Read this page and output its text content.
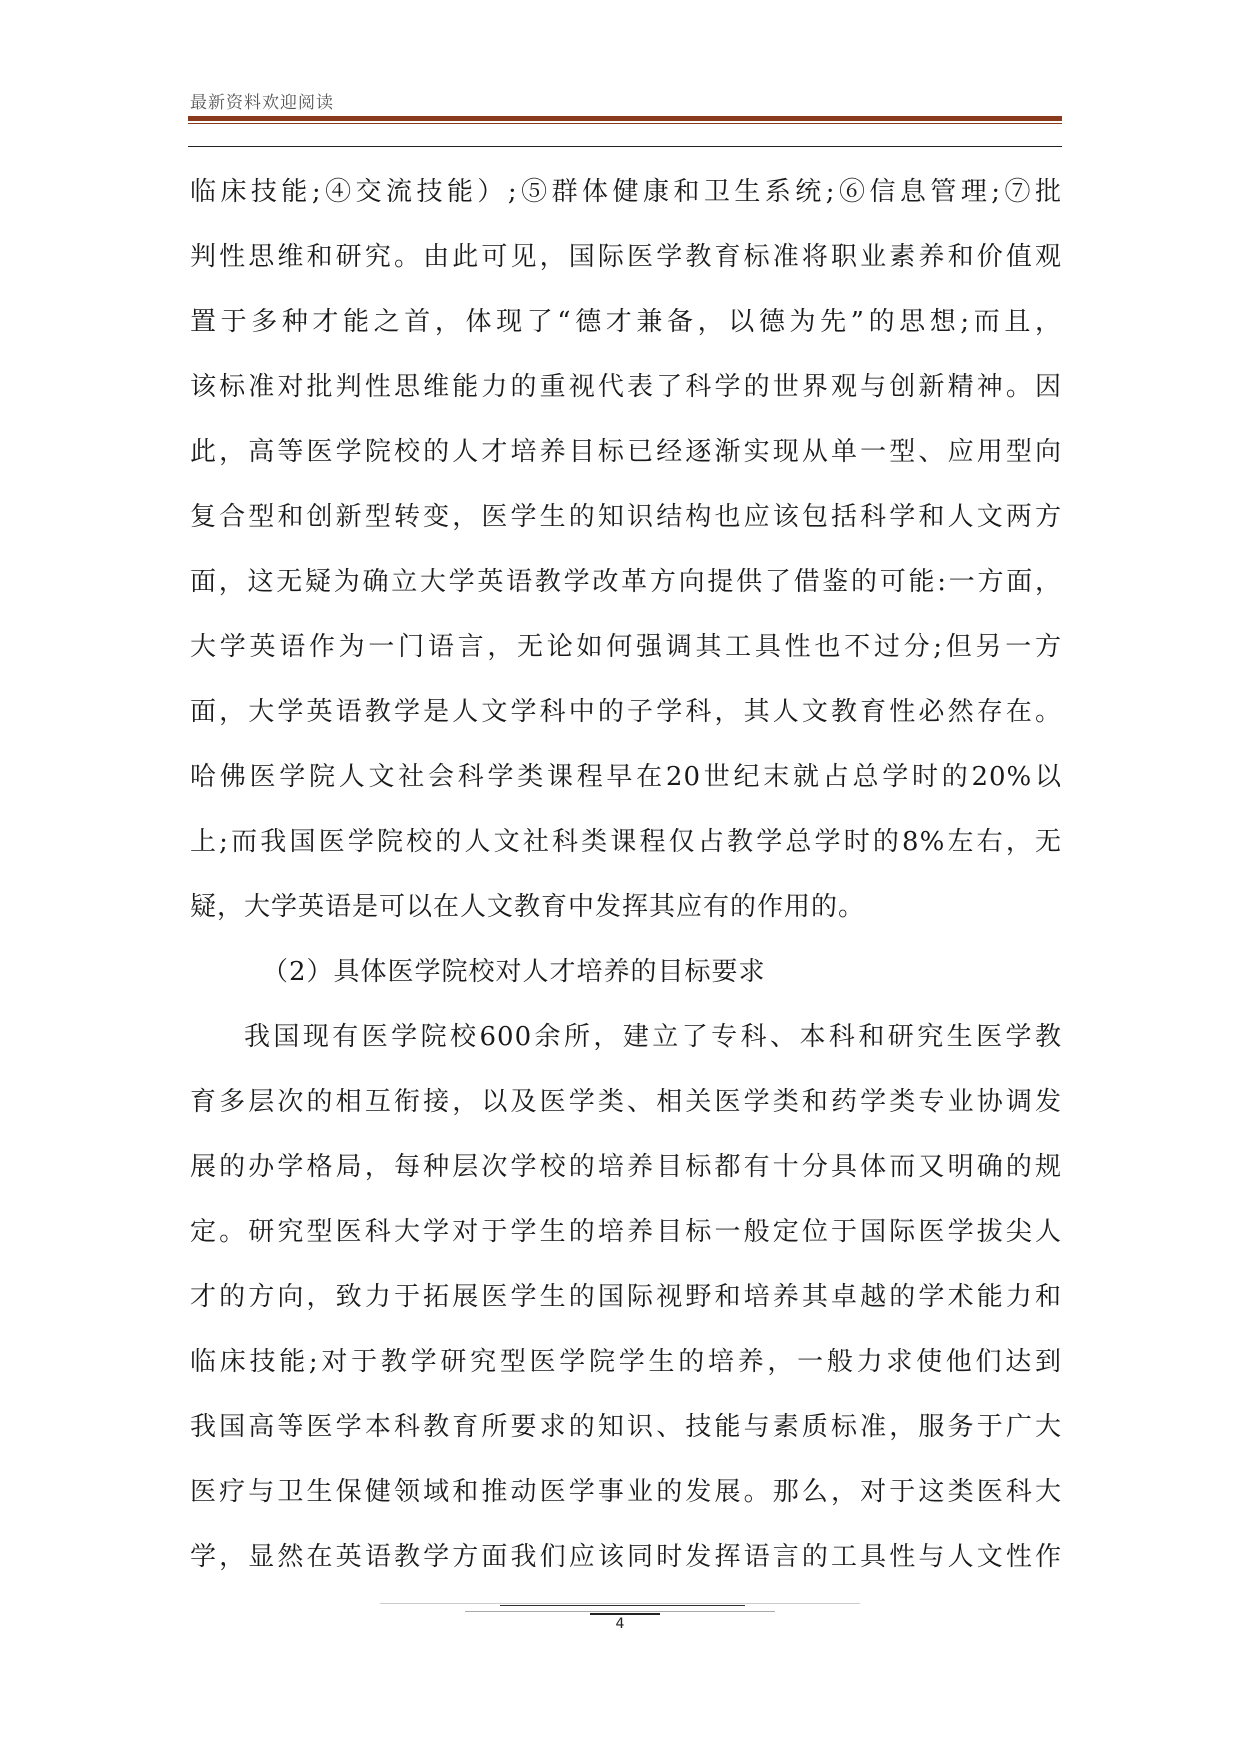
最新资料欢迎阅读
临床技能;④交流技能）;⑤群体健康和卫生系统;⑥信息管理;⑦批
判性思维和研究。由此可见，国际医学教育标准将职业素养和价值观
置于多种才能之首，体现了“德才兼备，以德为先”的思想;而且，
该标准对批判性思维能力的重视代表了科学的世界观与创新精神。因
此，高等医学院校的人才培养目标已经逐渐实现从单一型、应用型向
复合型和创新型转变，医学生的知识结构也应该包括科学和人文两方
面，这无疑为确立大学英语教学改革方向提供了借鉴的可能:一方面，
大学英语作为一门语言，无论如何强调其工具性也不过分;但另一方
面，大学英语教学是人文学科中的子学科，其人文教育性必然存在。
哈佛医学院人文社会科学类课程早在20世纪末就占总学时的20%以
上;而我国医学院校的人文社科类课程仅占教学总学时的8%左右，无
疑，大学英语是可以在人文教育中发挥其应有的作用的。
（2）具体医学院校对人才培养的目标要求
我国现有医学院校600余所，建立了专科、本科和研究生医学教
育多层次的相互衔接，以及医学类、相关医学类和药学类专业协调发
展的办学格局，每种层次学校的培养目标都有十分具体而又明确的规
定。研究型医科大学对于学生的培养目标一般定位于国际医学拔尖人
才的方向，致力于拓展医学生的国际视野和培养其卓越的学术能力和
临床技能;对于教学研究型医学院学生的培养，一般力求使他们达到
我国高等医学本科教育所要求的知识、技能与素质标准，服务于广大
医疗与卫生保健领域和推动医学事业的发展。那么，对于这类医科大
学，显然在英语教学方面我们应该同时发挥语言的工具性与人文性作
4
